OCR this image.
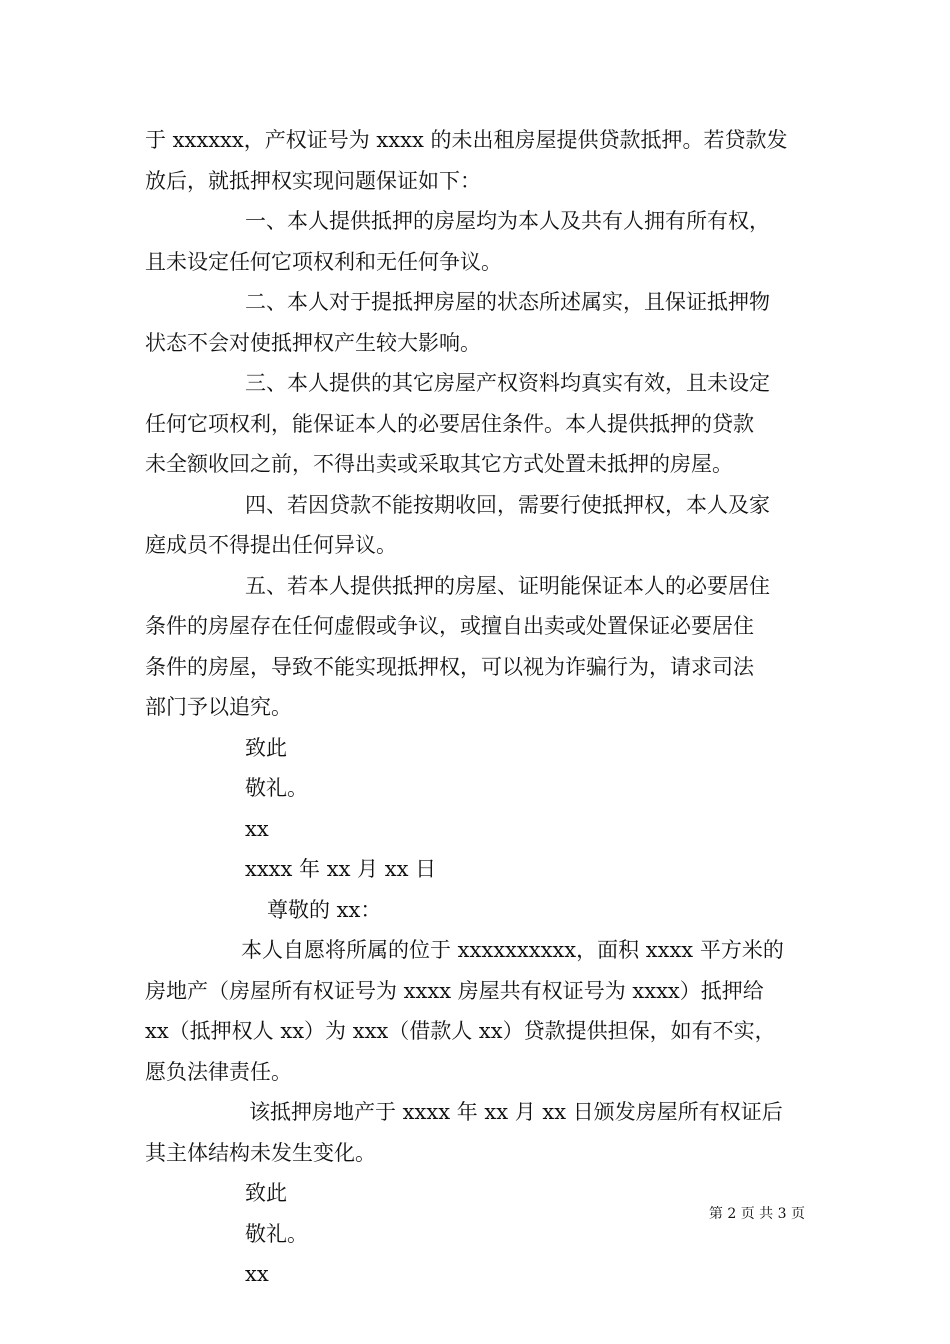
于 xxxxxx，产权证号为 xxxx 的未出租房屋提供贷款抵押。若贷款发
放后，就抵押权实现问题保证如下：
一、本人提供抵押的房屋均为本人及共有人拥有所有权，
且未设定任何它项权利和无任何争议。
二、本人对于提抵押房屋的状态所述属实，且保证抵押物
状态不会对使抵押权产生较大影响。
三、本人提供的其它房屋产权资料均真实有效，且未设定
任何它项权利，能保证本人的必要居住条件。本人提供抵押的贷款
未全额收回之前，不得出卖或采取其它方式处置未抵押的房屋。
四、若因贷款不能按期收回，需要行使抵押权，本人及家
庭成员不得提出任何异议。
五、若本人提供抵押的房屋、证明能保证本人的必要居住
条件的房屋存在任何虚假或争议，或擅自出卖或处置保证必要居住
条件的房屋，导致不能实现抵押权，可以视为诈骗行为，请求司法
部门予以追究。
致此
敬礼。
xx
xxxx 年 xx 月 xx 日
尊敬的 xx：
本人自愿将所属的位于 xxxxxxxxxx，面积 xxxx 平方米的
房地产（房屋所有权证号为 xxxx 房屋共有权证号为 xxxx）抵押给
xx（抵押权人 xx）为 xxx（借款人 xx）贷款提供担保，如有不实，
愿负法律责任。
该抵押房地产于 xxxx 年 xx 月 xx 日颁发房屋所有权证后
其主体结构未发生变化。
致此
敬礼。
xx
第 2 页 共 3 页
